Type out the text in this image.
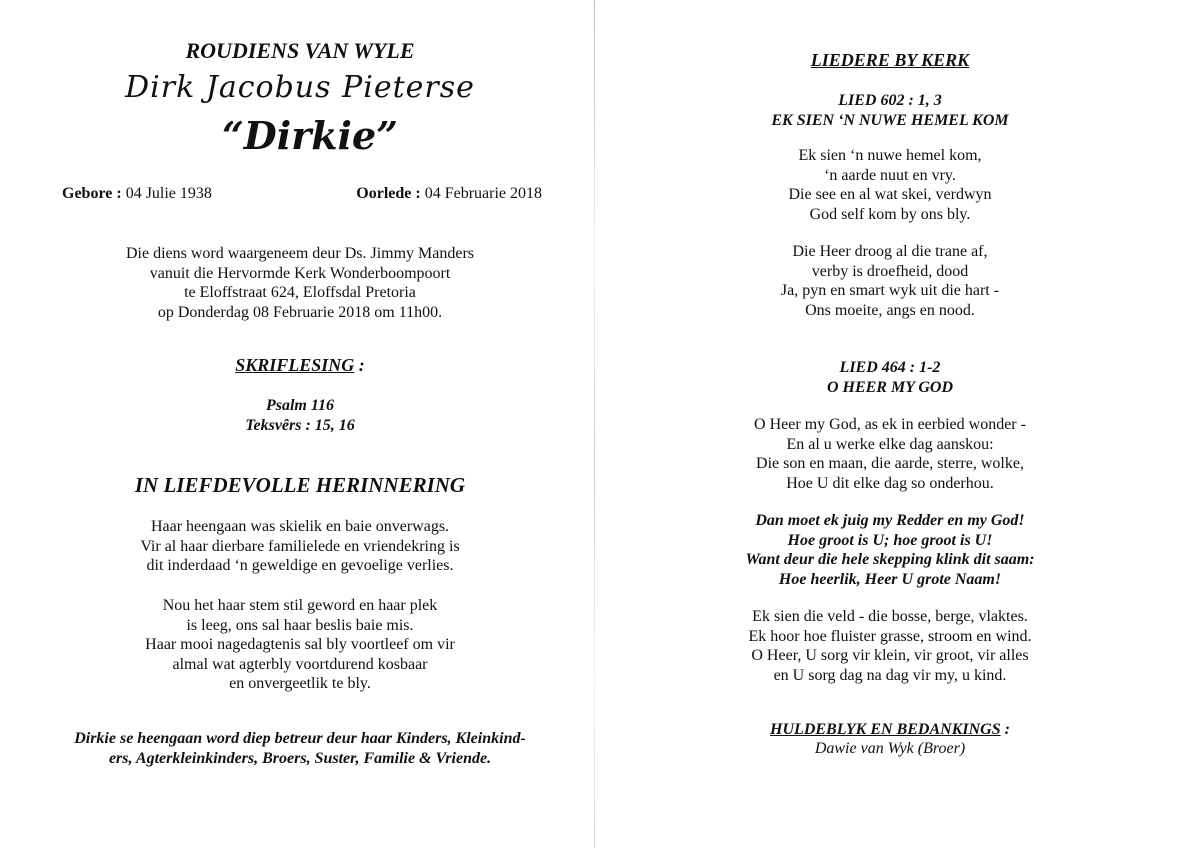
ROUDIENS VAN WYLE
Dirk Jacobus Pieterse
“Dirkie”
Gebore : 04 Julie 1938	Oorlede : 04 Februarie 2018
Die diens word waargeneem deur Ds. Jimmy Manders
vanuit die Hervormde Kerk Wonderboompoort
te Eloffstraat 624, Eloffsdal Pretoria
op Donderdag 08 Februarie 2018 om 11h00.
SKRIFLESING :
Psalm 116
Teksvêrs : 15, 16
IN LIEFDEVOLLE HERINNERING
Haar heengaan was skielik en baie onverwags.
Vir al haar dierbare familielede en vriendekring is
dit inderdaad ‘n geweldige en gevoelige verlies.
Nou het haar stem stil geword en haar plek
is leeg, ons sal haar beslis baie mis.
Haar mooi nagedagtenis sal bly voortleef om vir
almal wat agterbly voortdurend kosbaar
en onvergeetlik te bly.
Dirkie se heengaan word diep betreur deur haar Kinders, Kleinkind-
ers, Agterkleinkinders, Broers, Suster, Familie & Vriende.
LIEDERE BY KERK
LIED 602 : 1, 3
EK SIEN ‘N NUWE HEMEL KOM
Ek sien ‘n nuwe hemel kom,
‘n aarde nuut en vry.
Die see en al wat skei, verdwyn
God self kom by ons bly.
Die Heer droog al die trane af,
verby is droefheid, dood
Ja, pyn en smart wyk uit die hart -
Ons moeite, angs en nood.
LIED 464 : 1-2
O HEER MY GOD
O Heer my God, as ek in eerbied wonder -
En al u werke elke dag aanskou:
Die son en maan, die aarde, sterre, wolke,
Hoe U dit elke dag so onderhou.
Dan moet ek juig my Redder en my God!
Hoe groot is U; hoe groot is U!
Want deur die hele skepping klink dit saam:
Hoe heerlik, Heer U grote Naam!
Ek sien die veld - die bosse, berge, vlaktes.
Ek hoor hoe fluister grasse, stroom en wind.
O Heer, U sorg vir klein, vir groot, vir alles
en U sorg dag na dag vir my, u kind.
HULDEBLYK EN BEDANKINGS :
Dawie van Wyk (Broer)
